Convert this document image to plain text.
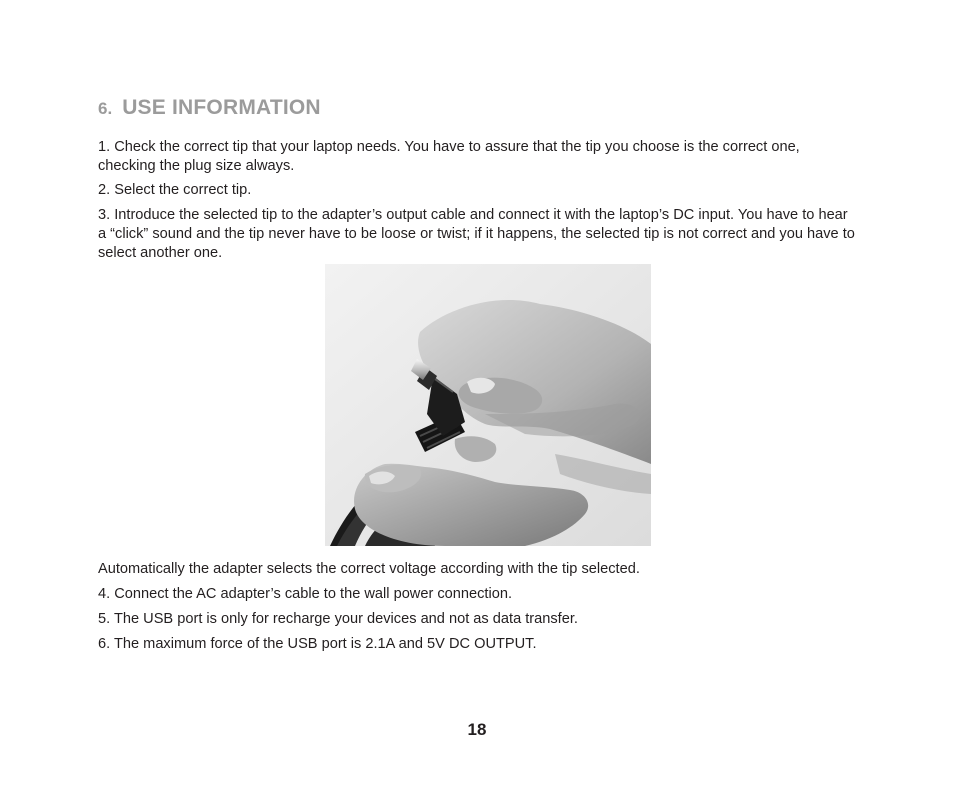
6. USE INFORMATION

1. Check the correct tip that your laptop needs. You have to assure that the tip you choose is the correct one, checking the plug size always.

2. Select the correct tip.

3. Introduce the selected tip to the adapter’s output cable and connect it with the laptop’s DC input. You have to hear a “click” sound and the tip never have to be loose or twist; if it happens, the selected tip is not correct and you have to select another one.

Automatically the adapter selects the correct voltage according with the tip selected.

4. Connect the AC adapter’s cable to the wall power connection.

5. The USB port is only for recharge your devices and not as data transfer.

6. The maximum force of the USB port is 2.1A and 5V DC OUTPUT.

18
